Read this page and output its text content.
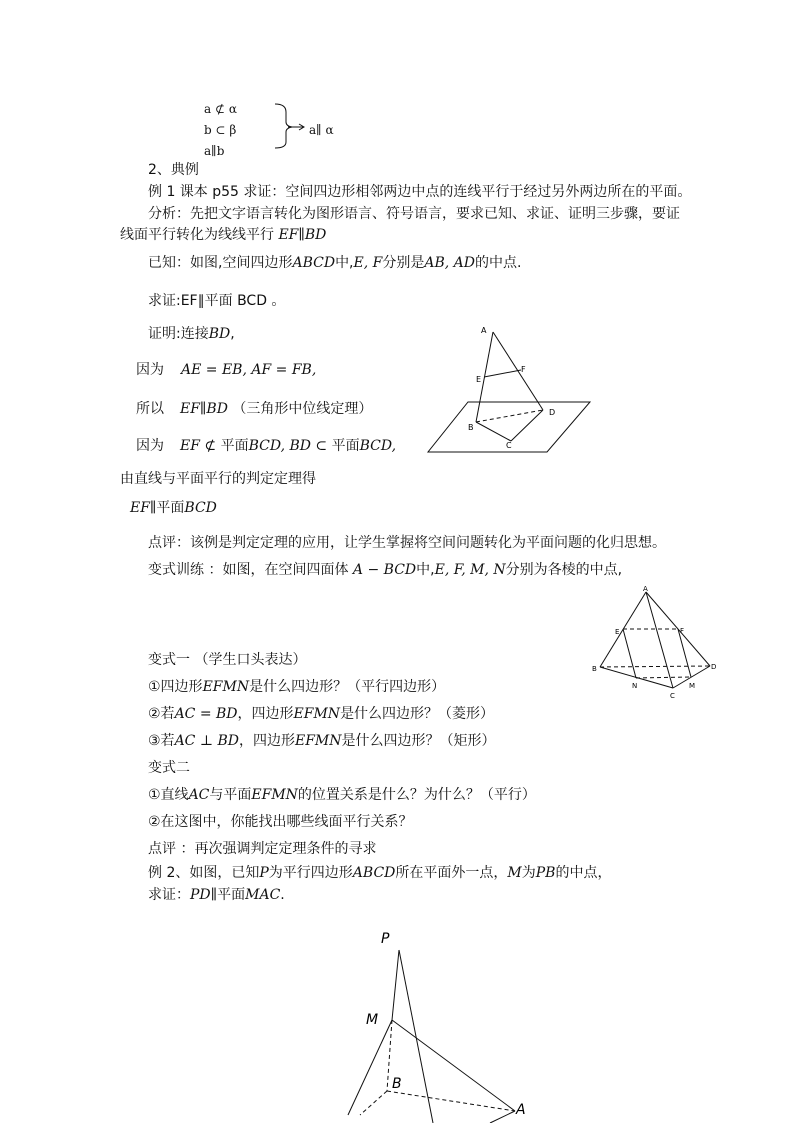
a ⊄ α
b ⊂ β
a∥b
a∥ α
2、典例
例 1 课本 p55 求证：空间四边形相邻两边中点的连线平行于经过另外两边所在的平面。
分析：先把文字语言转化为图形语言、符号语言，要求已知、求证、证明三步骤，要证
线面平行转化为线线平行 EF∥BD
已知：如图,空间四边形ABCD中,E, F分别是AB, AD的中点.
求证:EF∥平面 BCD 。
证明:连接BD,
因为 AE = EB, AF = FB,
所以 EF∥BD （三角形中位线定理）
因为 EF ⊄ 平面BCD, BD ⊂ 平面BCD,
由直线与平面平行的判定定理得
EF∥平面BCD
点评：该例是判定定理的应用，让学生掌握将空间问题转化为平面问题的化归思想。
变式训练 ：如图，在空间四面体 A − BCD中,E, F, M, N分别为各棱的中点,
变式一 （学生口头表达）
①四边形EFMN是什么四边形？（平行四边形）
②若AC = BD，四边形EFMN是什么四边形？（菱形）
③若AC ⊥ BD，四边形EFMN是什么四边形？（矩形）
变式二
①直线AC与平面EFMN的位置关系是什么？为什么？（平行）
②在这图中，你能找出哪些线面平行关系？
点评 ：再次强调判定定理条件的寻求
例 2、如图，已知P为平行四边形ABCD所在平面外一点，M为PB的中点，
求证：PD∥平面MAC.
A
E
F
B
C
D
A
E	F
B
N
C
M
D
P
M
B
A
